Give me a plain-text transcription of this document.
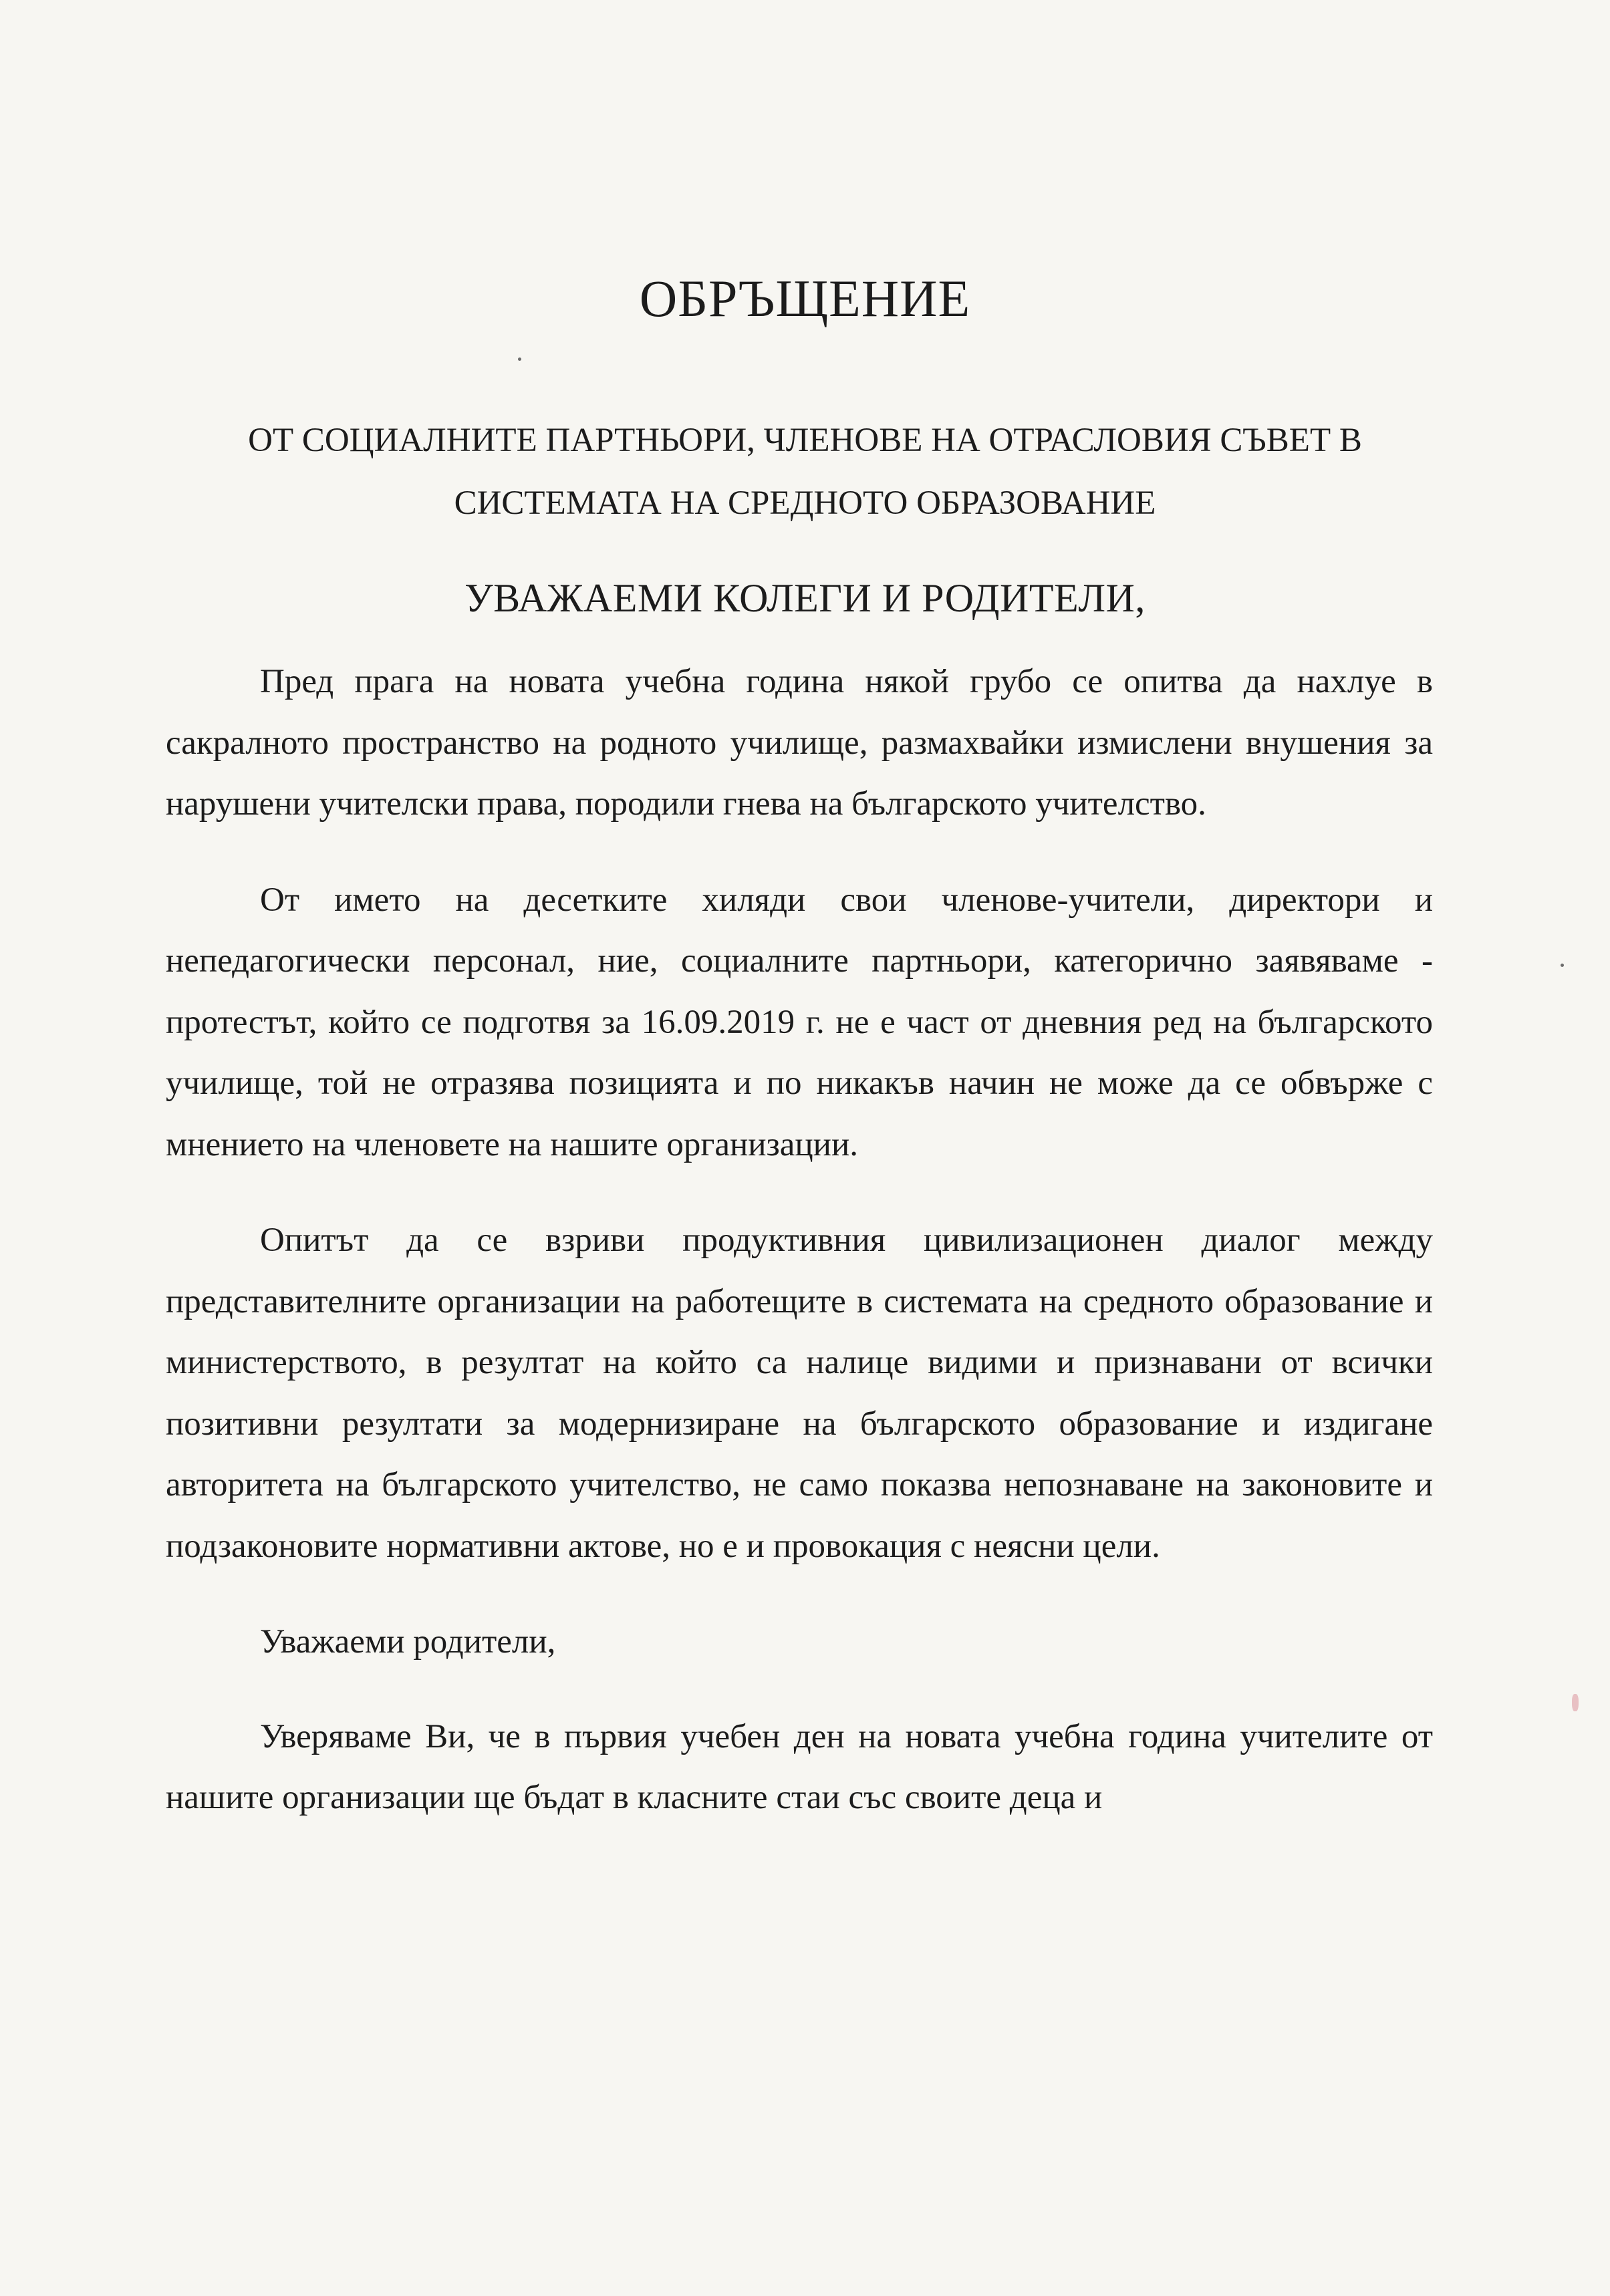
ОБРЪЩЕНИЕ
ОТ СОЦИАЛНИТЕ ПАРТНЬОРИ, ЧЛЕНОВЕ НА ОТРАСЛОВИЯ СЪВЕТ В
СИСТЕМАТА НА СРЕДНОТО ОБРАЗОВАНИЕ
УВАЖАЕМИ КОЛЕГИ И РОДИТЕЛИ,

Пред прага на новата учебна година някой грубо се опитва да нахлуе в сакралното пространство на родното училище, размахвайки измислени внушения за нарушени учителски права, породили гнева на българското учителство.

От името на десетките хиляди свои членове-учители, директори и непедагогически персонал, ние, социалните партньори, категорично заявяваме - протестът, който се подготвя за 16.09.2019 г. не е част от дневния ред на българското училище, той не отразява позицията и по никакъв начин не може да се обвърже с мнението на членовете на нашите организации.

Опитът да се взриви продуктивния цивилизационен диалог между представителните организации на работещите в системата на средното образование и министерството, в резултат на който са налице видими и признавани от всички позитивни резултати за модернизиране на българското образование и издигане авторитета на българското учителство, не само показва непознаване на законовите и подзаконовите нормативни актове, но е и провокация с неясни цели.

Уважаеми родители,

Уверяваме Ви, че в първия учебен ден на новата учебна година учителите от нашите организации ще бъдат в класните стаи със своите деца и
